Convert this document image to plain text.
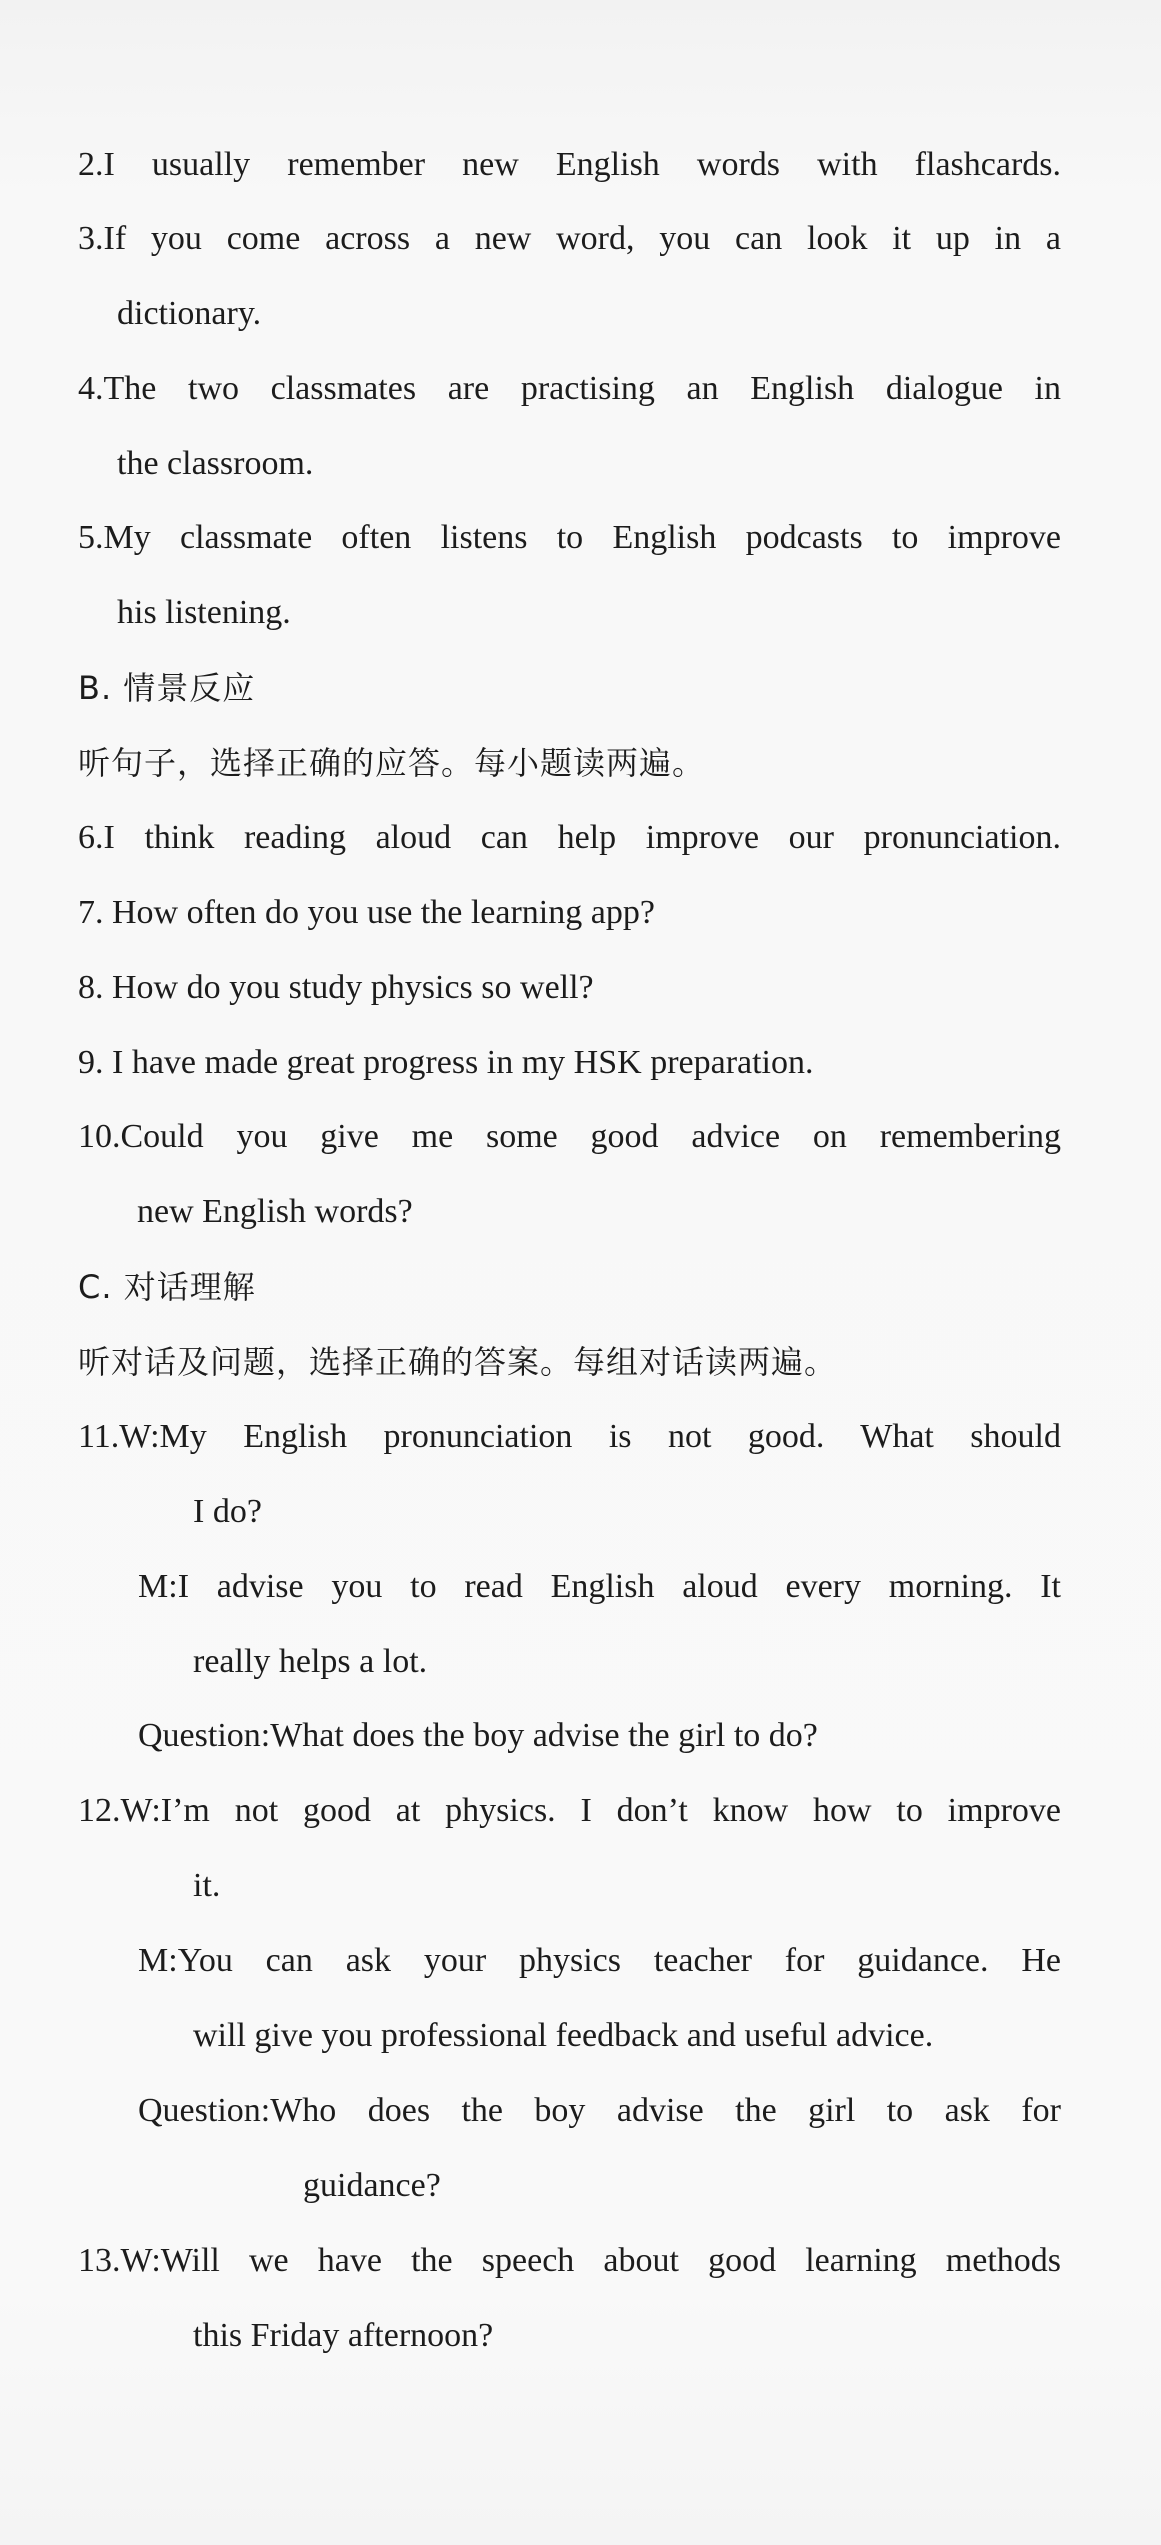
2.I usually remember new English words with flashcards.
3.If you come across a new word, you can look it up in a
dictionary.
4.The two classmates are practising an English dialogue in
the classroom.
5.My classmate often listens to English podcasts to improve
his listening.
B. 情景反应
听句子，选择正确的应答。每小题读两遍。
6.I think reading aloud can help improve our pronunciation.
7. How often do you use the learning app?
8. How do you study physics so well?
9. I have made great progress in my HSK preparation.
10.Could you give me some good advice on remembering
new English words?
C. 对话理解
听对话及问题，选择正确的答案。每组对话读两遍。
11.W:My English pronunciation is not good. What should
I do?
M:I advise you to read English aloud every morning. It
really helps a lot.
Question:What does the boy advise the girl to do?
12.W:I’m not good at physics. I don’t know how to improve
it.
M:You can ask your physics teacher for guidance. He
will give you professional feedback and useful advice.
Question:Who does the boy advise the girl to ask for
guidance?
13.W:Will we have the speech about good learning methods
this Friday afternoon?
